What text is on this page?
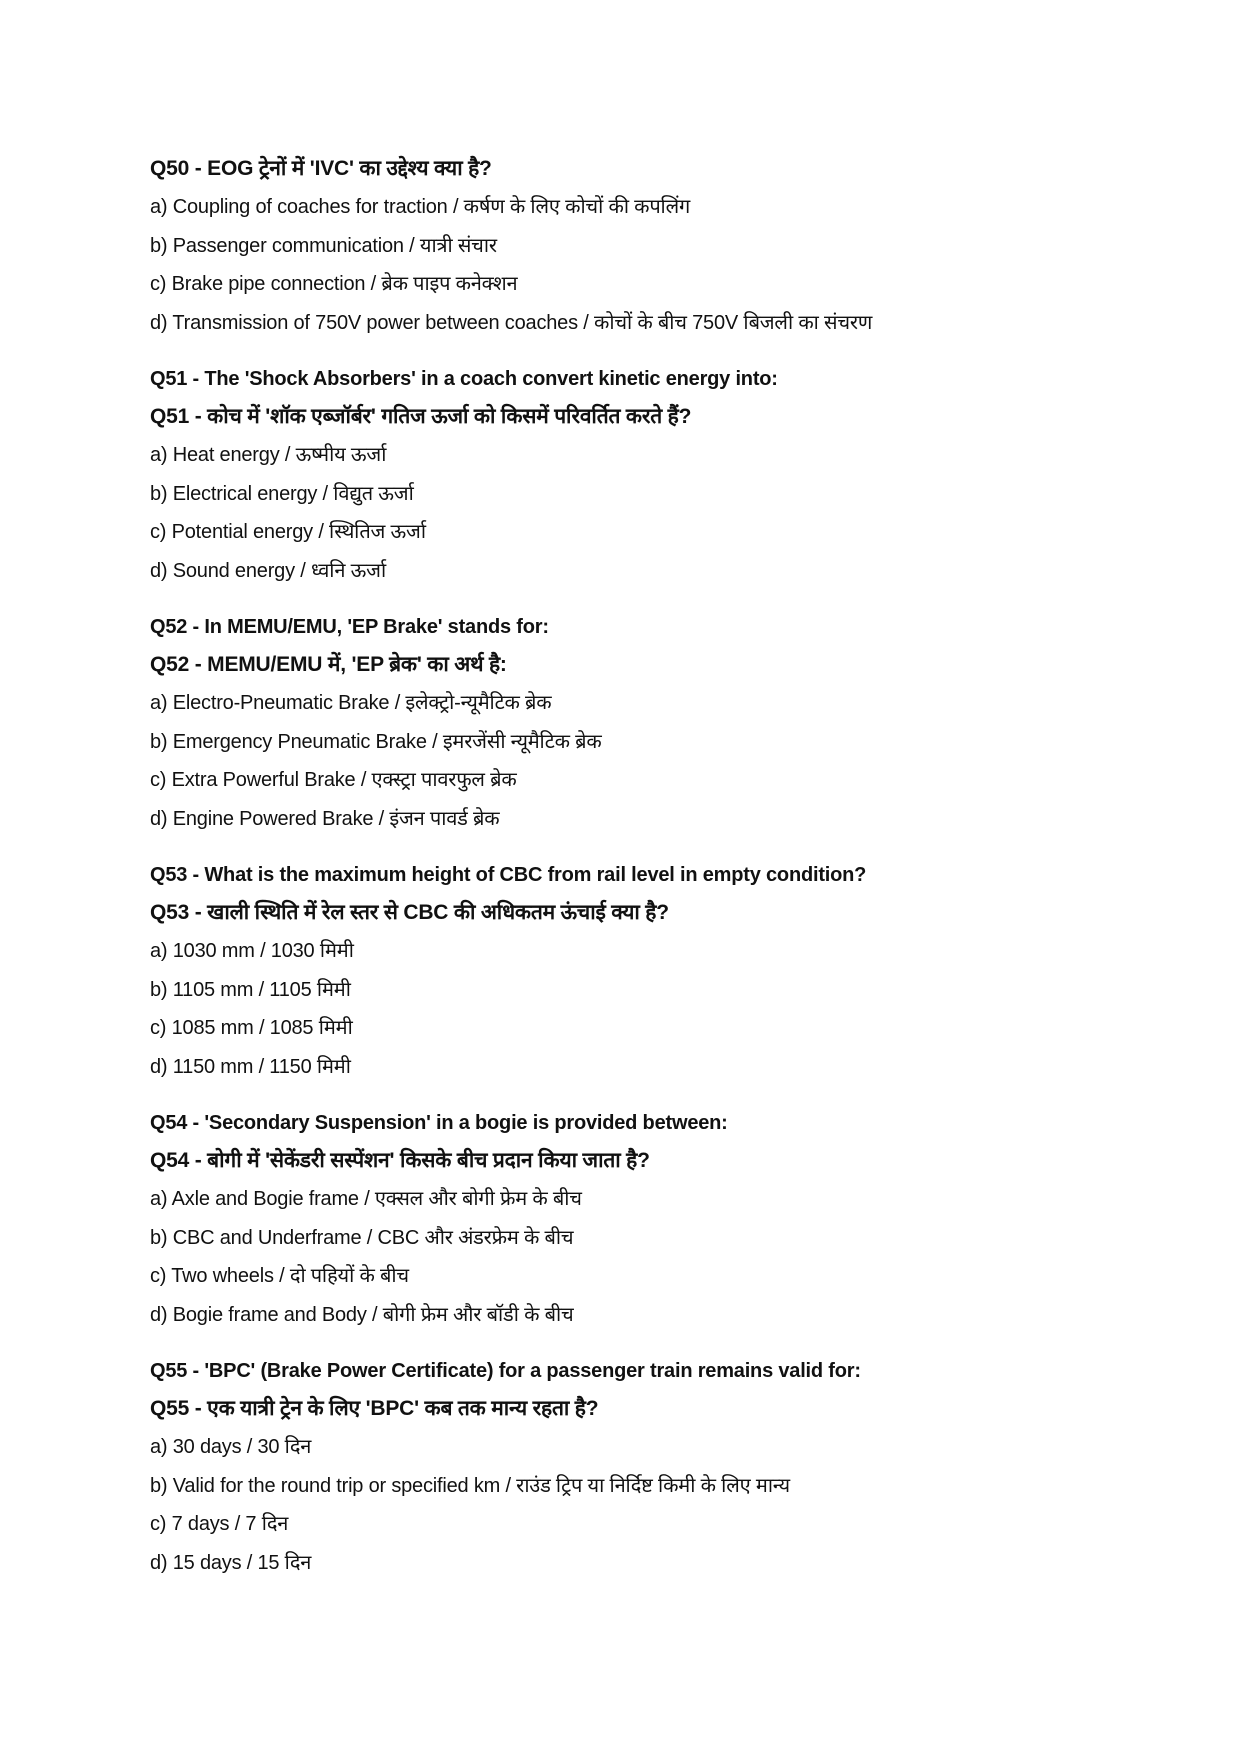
Q50 - EOG ट्रेनों में 'IVC' का उद्देश्य क्या है?
a) Coupling of coaches for traction / कर्षण के लिए कोचों की कपलिंग
b) Passenger communication / यात्री संचार
c) Brake pipe connection / ब्रेक पाइप कनेक्शन
d) Transmission of 750V power between coaches / कोचों के बीच 750V बिजली का संचरण
Q51 - The 'Shock Absorbers' in a coach convert kinetic energy into:
Q51 - कोच में 'शॉक एब्जॉर्बर' गतिज ऊर्जा को किसमें परिवर्तित करते हैं?
a) Heat energy / ऊष्मीय ऊर्जा
b) Electrical energy / विद्युत ऊर्जा
c) Potential energy / स्थितिज ऊर्जा
d) Sound energy / ध्वनि ऊर्जा
Q52 - In MEMU/EMU, 'EP Brake' stands for:
Q52 - MEMU/EMU में, 'EP ब्रेक' का अर्थ है:
a) Electro-Pneumatic Brake / इलेक्ट्रो-न्यूमैटिक ब्रेक
b) Emergency Pneumatic Brake / इमरजेंसी न्यूमैटिक ब्रेक
c) Extra Powerful Brake / एक्स्ट्रा पावरफुल ब्रेक
d) Engine Powered Brake / इंजन पावर्ड ब्रेक
Q53 - What is the maximum height of CBC from rail level in empty condition?
Q53 - खाली स्थिति में रेल स्तर से CBC की अधिकतम ऊंचाई क्या है?
a) 1030 mm / 1030 मिमी
b) 1105 mm / 1105 मिमी
c) 1085 mm / 1085 मिमी
d) 1150 mm / 1150 मिमी
Q54 - 'Secondary Suspension' in a bogie is provided between:
Q54 - बोगी में 'सेकेंडरी सस्पेंशन' किसके बीच प्रदान किया जाता है?
a) Axle and Bogie frame / एक्सल और बोगी फ्रेम के बीच
b) CBC and Underframe / CBC और अंडरफ्रेम के बीच
c) Two wheels / दो पहियों के बीच
d) Bogie frame and Body / बोगी फ्रेम और बॉडी के बीच
Q55 - 'BPC' (Brake Power Certificate) for a passenger train remains valid for:
Q55 - एक यात्री ट्रेन के लिए 'BPC' कब तक मान्य रहता है?
a) 30 days / 30 दिन
b) Valid for the round trip or specified km / राउंड ट्रिप या निर्दिष्ट किमी के लिए मान्य
c) 7 days / 7 दिन
d) 15 days / 15 दिन
